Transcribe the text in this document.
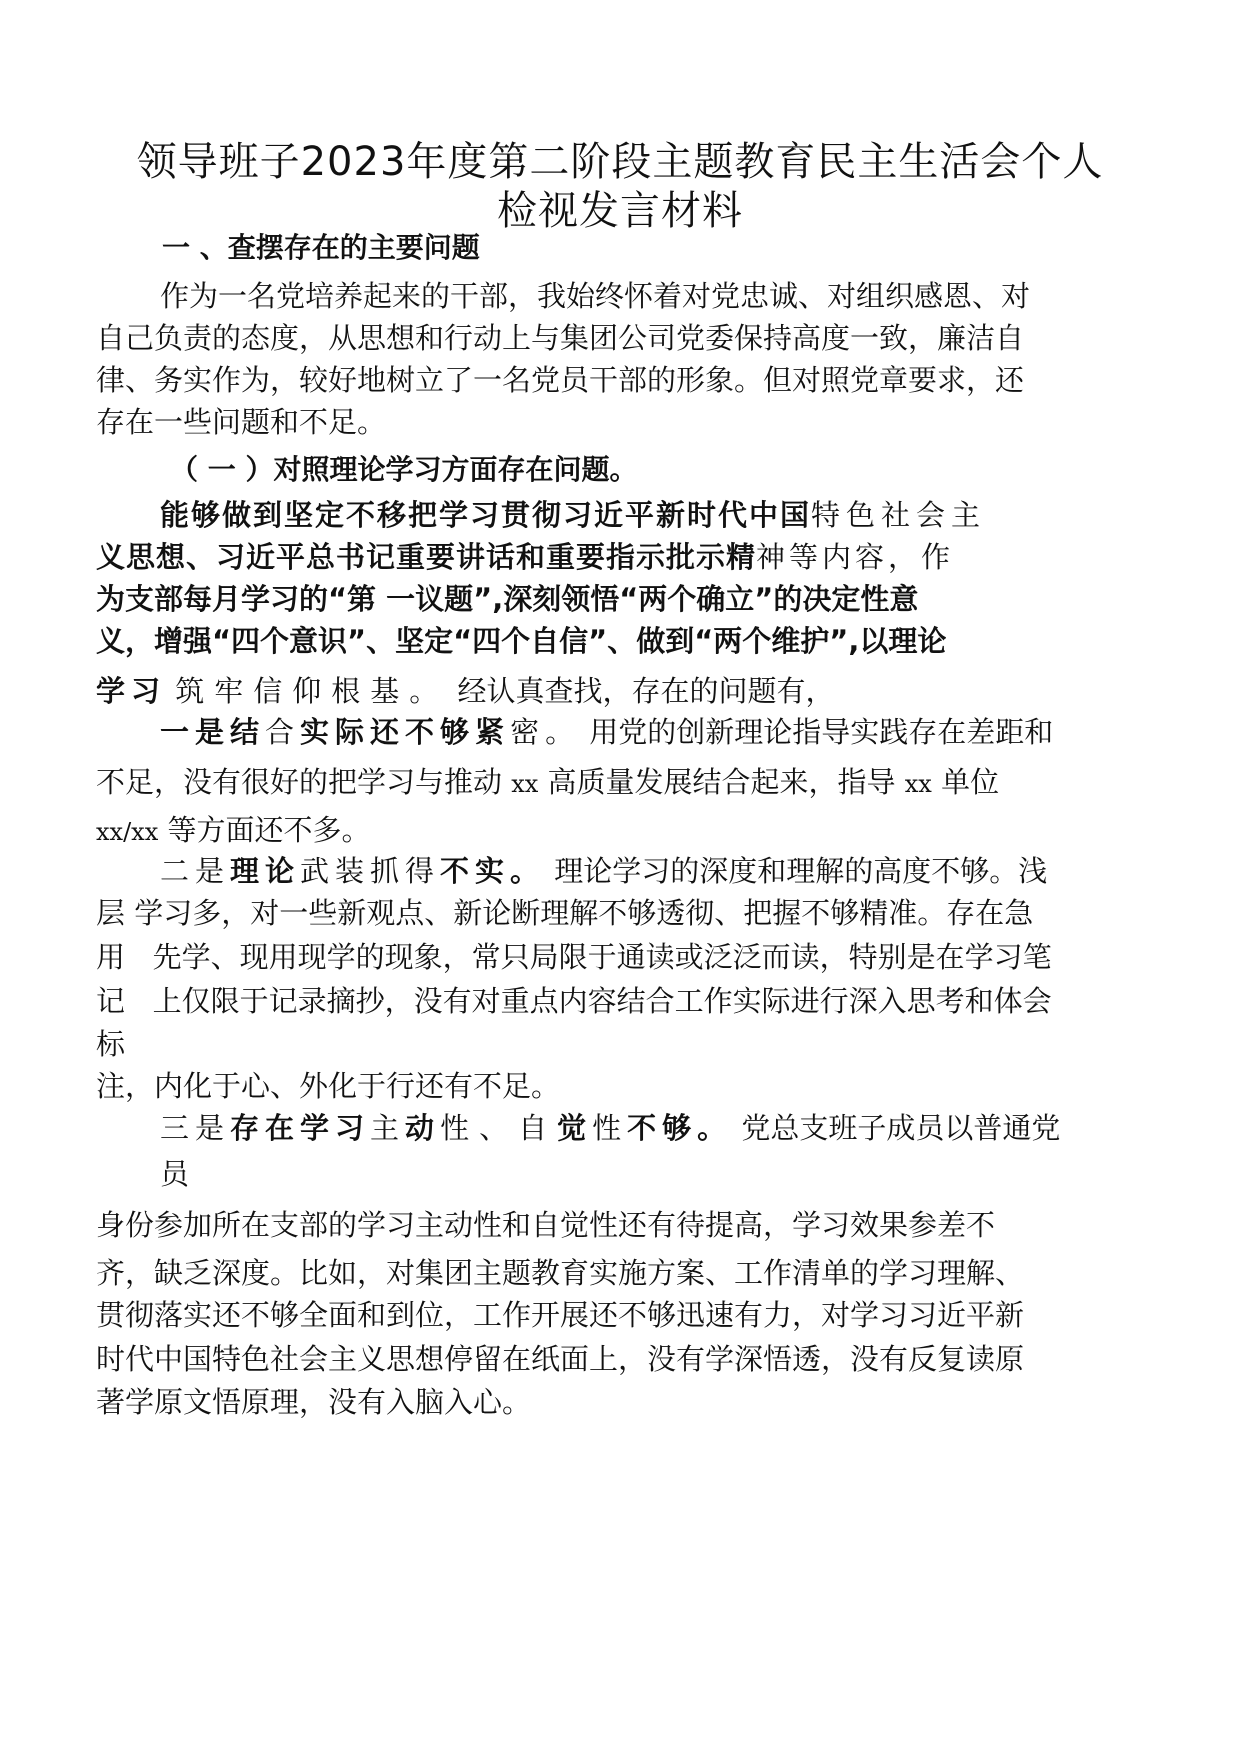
领导班子2023年度第二阶段主题教育民主生活会个人
检视发言材料
一 、查摆存在的主要问题
作为一名党培养起来的干部，我始终怀着对党忠诚、对组织感恩、对
自己负责的态度，从思想和行动上与集团公司党委保持高度一致，廉洁自
律、务实作为，较好地树立了一名党员干部的形象。但对照党章要求，还
存在一些问题和不足。
（ 一 ）对照理论学习方面存在问题。
能够做到坚定不移把学习贯彻习近平新时代中国特色社会主
义思想、习近平总书记重要讲话和重要指示批示精神等内容，作
为支部每月学习的“第 一议题”,深刻领悟“两个确立”的决定性意
义，增强“四个意识”、坚定“四个自信”、做到“两个维护”,以理论
学习 筑牢信仰根基。 经认真查找，存在的问题有，
一是结合实际还不够紧密。 用党的创新理论指导实践存在差距和
不足，没有很好的把学习与推动 xx 高质量发展结合起来，指导 xx 单位
xx/xx 等方面还不多。
二是理论武装抓得不实。 理论学习的深度和理解的高度不够。浅
层 学习多，对一些新观点、新论断理解不够透彻、把握不够精准。存在急
用   先学、现用现学的现象，常只局限于通读或泛泛而读，特别是在学习笔
记   上仅限于记录摘抄，没有对重点内容结合工作实际进行深入思考和体会
标
注，内化于心、外化于行还有不足。
三是存在学习主动性、自觉性不够。 党总支班子成员以普通党
员
身份参加所在支部的学习主动性和自觉性还有待提高，学习效果参差不
齐，缺乏深度。比如，对集团主题教育实施方案、工作清单的学习理解、
贯彻落实还不够全面和到位，工作开展还不够迅速有力，对学习习近平新
时代中国特色社会主义思想停留在纸面上，没有学深悟透，没有反复读原
著学原文悟原理，没有入脑入心。
